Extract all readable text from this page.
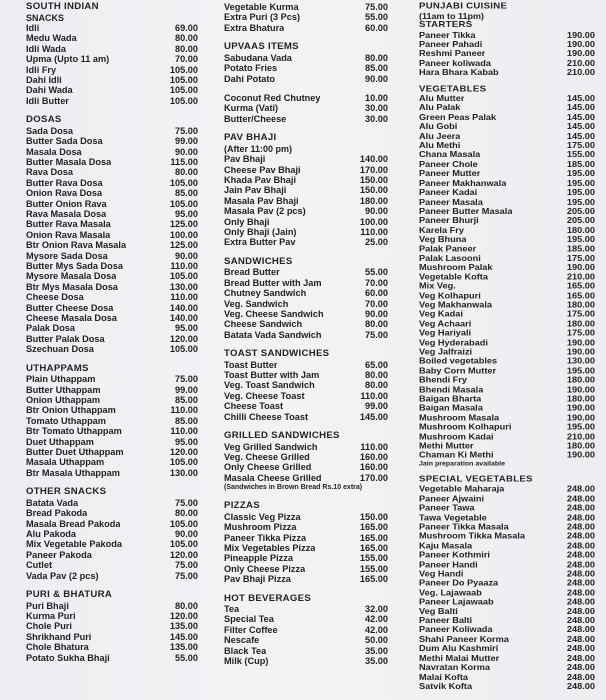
SOUTH INDIAN
SNACKS
Idli	69.00
Medu Wada	80.00
Idli Wada	80.00
Upma (Upto 11 am)	70.00
Idli Fry	105.00
Dahi Idli	105.00
Dahi Wada	105.00
Idli Butter	105.00
DOSAS
Sada Dosa	75.00
Butter Sada Dosa	99.00
Masala Dosa	90.00
Butter Masala Dosa	115.00
Rava Dosa	80.00
Butter Rava Dosa	105.00
Onion Rava Dosa	85.00
Butter Onion Rava	105.00
Rava Masala Dosa	95.00
Butter Rava Masala	125.00
Onion Rava Masala	100.00
Btr Onion Rava Masala	125.00
Mysore Sada Dosa	90.00
Butter Mys Sada Dosa	110.00
Mysore Masala Dosa	105.00
Btr Mys Masala Dosa	130.00
Cheese Dosa	110.00
Butter Cheese Dosa	140.00
Cheese Masala Dosa	140.00
Palak Dosa	95.00
Butter Palak Dosa	120.00
Szechuan Dosa	105.00
UTHAPPAMS
Plain Uthappam	75.00
Butter Uthappam	99.00
Onion Uthappam	85.00
Btr Onion Uthappam	110.00
Tomato Uthappam	85.00
Btr Tomato Uthappam	110.00
Duet Uthappam	95.00
Butter Duet Uthappam	120.00
Masala Uthappam	105.00
Btr Masala Uthappam	130.00
OTHER SNACKS
Batata Vada	75.00
Bread Pakoda	80.00
Masala Bread Pakoda	105.00
Alu Pakoda	90.00
Mix Vegetable Pakoda	105.00
Paneer Pakoda	120.00
Cutlet	75.00
Vada Pav (2 pcs)	75.00
PURI & BHATURA
Puri Bhaji	80.00
Kurma Puri	120.00
Chole Puri	135.00
Shrikhand Puri	145.00
Chole Bhatura	135.00
Potato Sukha Bhaji	55.00
Vegetable Kurma	75.00
Extra Puri (3 Pcs)	55.00
Extra Bhatura	60.00
UPVAAS ITEMS
Sabudana Vada	80.00
Potato Fries	85.00
Dahi Potato	90.00
Coconut Red Chutney	10.00
Kurma (Vati)	30.00
Butter/Cheese	30.00
PAV BHAJI
(After 11:00 pm)
Pav Bhaji	140.00
Cheese Pav Bhaji	170.00
Khada Pav Bhaji	150.00
Jain Pav Bhaji	150.00
Masala Pav Bhaji	180.00
Masala Pav (2 pcs)	90.00
Only Bhaji	100.00
Only Bhaji (Jain)	110.00
Extra Butter Pav	25.00
SANDWICHES
Bread Butter	55.00
Bread Butter with Jam	70.00
Chutney Sandwich	60.00
Veg. Sandwich	70.00
Veg. Cheese Sandwich	90.00
Cheese Sandwich	80.00
Batata Vada Sandwich	75.00
TOAST SANDWICHES
Toast Butter	65.00
Toast Butter with Jam	80.00
Veg. Toast Sandwich	80.00
Veg. Cheese Toast	110.00
Cheese Toast	99.00
Chilli Cheese Toast	145.00
GRILLED SANDWICHES
Veg Grilled Sandwich	110.00
Veg. Cheese Grilled	160.00
Only Cheese Grilled	160.00
Masala Cheese Grilled	170.00
(Sandwiches in Brown Bread Rs.10 extra)
PIZZAS
Classic Veg Pizza	150.00
Mushroom Pizza	165.00
Paneer Tikka Pizza	165.00
Mix Vegetables Pizza	165.00
Pineapple Pizza	155.00
Only Cheese Pizza	155.00
Pav Bhaji Pizza	165.00
HOT BEVERAGES
Tea	32.00
Special Tea	42.00
Filter Coffee	42.00
Nescafe	50.00
Black Tea	35.00
Milk (Cup)	35.00
PUNJABI CUISINE
(11am to 11pm)
STARTERS
Paneer Tikka	190.00
Paneer Pahadi	190.00
Reshmi Paneer	190.00
Paneer koliwada	210.00
Hara Bhara Kabab	210.00
VEGETABLES
Alu Mutter	145.00
Alu Palak	145.00
Green Peas Palak	145.00
Alu Gobi	145.00
Alu Jeera	145.00
Alu Methi	175.00
Chana Masala	155.00
Paneer Chole	185.00
Paneer Mutter	195.00
Paneer Makhanwala	195.00
Paneer Kadai	195.00
Paneer Masala	195.00
Paneer Butter Masala	205.00
Paneer Bhurji	205.00
Karela Fry	180.00
Veg Bhuna	195.00
Palak Paneer	185.00
Palak Lasooni	175.00
Mushroom Palak	190.00
Vegetable Kofta	210.00
Mix Veg.	165.00
Veg Kolhapuri	165.00
Veg Makhanwala	180.00
Veg Kadai	175.00
Veg Achaari	180.00
Veg Hariyali	175.00
Veg Hyderabadi	190.00
Veg Jalfraizi	190.00
Boiled vegetables	130.00
Baby Corn Mutter	195.00
Bhendi Fry	180.00
Bhendi Masala	190.00
Baigan Bharta	180.00
Baigan Masala	190.00
Mushroom Masala	190.00
Mushroom Kolhapuri	195.00
Mushroom Kadai	210.00
Methi Mutter	180.00
Chaman Ki Methi	190.00
Jain preparation available
SPECIAL VEGETABLES
Vegetable Maharaja	248.00
Paneer Ajwaini	248.00
Paneer Tawa	248.00
Tawa Vegetable	248.00
Paneer Tikka Masala	248.00
Mushroom Tikka Masala	248.00
Kaju Masala	248.00
Paneer Kothmiri	248.00
Paneer Handi	248.00
Veg Handi	248.00
Paneer Do Pyaaza	248.00
Veg. Lajawaab	248.00
Paneer Lajawaab	248.00
Veg Balti	248.00
Paneer Balti	248.00
Paneer Koliwada	248.00
Shahi Paneer Korma	248.00
Dum Alu Kashmiri	248.00
Methi Malai Mutter	248.00
Navratan Korma	248.00
Malai Kofta	248.00
Satvik Kofta	248.00
